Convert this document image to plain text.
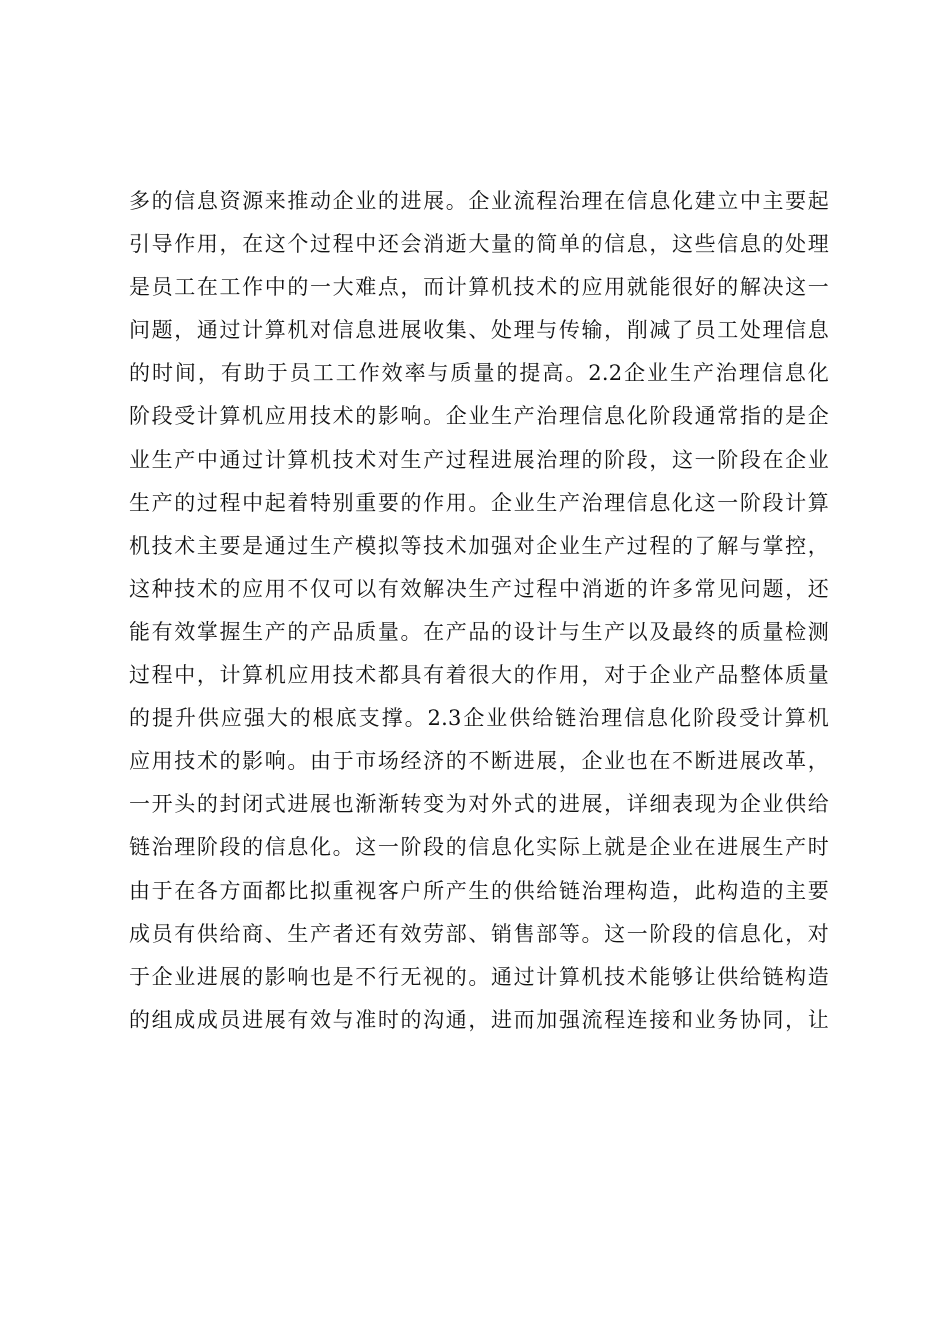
多的信息资源来推动企业的进展。企业流程治理在信息化建立中主要起
引导作用，在这个过程中还会消逝大量的简单的信息，这些信息的处理
是员工在工作中的一大难点，而计算机技术的应用就能很好的解决这一
问题，通过计算机对信息进展收集、处理与传输，削减了员工处理信息
的时间，有助于员工工作效率与质量的提高。2.2企业生产治理信息化
阶段受计算机应用技术的影响。企业生产治理信息化阶段通常指的是企
业生产中通过计算机技术对生产过程进展治理的阶段，这一阶段在企业
生产的过程中起着特别重要的作用。企业生产治理信息化这一阶段计算
机技术主要是通过生产模拟等技术加强对企业生产过程的了解与掌控，
这种技术的应用不仅可以有效解决生产过程中消逝的许多常见问题，还
能有效掌握生产的产品质量。在产品的设计与生产以及最终的质量检测
过程中，计算机应用技术都具有着很大的作用，对于企业产品整体质量
的提升供应强大的根底支撑。2.3企业供给链治理信息化阶段受计算机
应用技术的影响。由于市场经济的不断进展，企业也在不断进展改革，
一开头的封闭式进展也渐渐转变为对外式的进展，详细表现为企业供给
链治理阶段的信息化。这一阶段的信息化实际上就是企业在进展生产时
由于在各方面都比拟重视客户所产生的供给链治理构造，此构造的主要
成员有供给商、生产者还有效劳部、销售部等。这一阶段的信息化，对
于企业进展的影响也是不行无视的。通过计算机技术能够让供给链构造
的组成成员进展有效与准时的沟通，进而加强流程连接和业务协同，让
